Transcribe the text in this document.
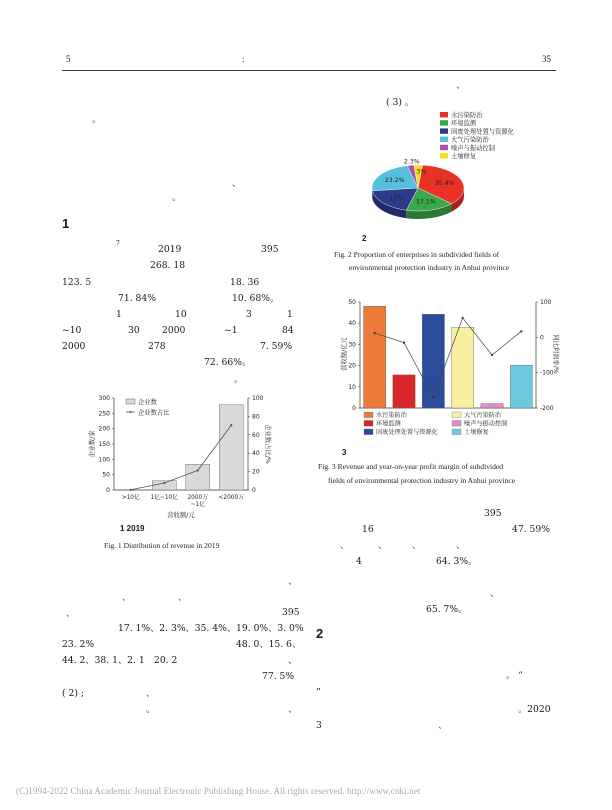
5	:	35
。
、
。
1
7
2019	395
268. 18
123. 5	18. 36
71. 84%	10. 68%。
1	10	3	1
~10	30 2000	~1	84
2000	278	7. 59%
72. 66%。
。
0
50
100
150
200
250
300
0
20
40
60
80
100
>10亿 1亿~10亿 2000万
~1亿
<2000万
企业数
企业数占比
企业数/家	企业数占比/%
营收额/元
1 2019
Fig. 1 Distribution of revenue in 2019
、
、	、
、	395
17. 1%、2. 3%、35. 4%、19. 0%、3. 0%
23. 2%	48. 0、15. 6、
44. 2、38. 1、2. 1 20. 2	、
77. 5%
( 2) ;	、
。	、
、
( 3) 。
水污染防治
环境监测
固废处理处置与资源化
大气污染防治
噪声与振动控制
土壤修复
35.4%
17.1%
19%
23.2%
2.3%
3%
2
Fig. 2 Proportion of enterprises in subdivided fields of
environmental protection industry in Anhui province
0
10
20
30
40
50
-200
-100
0
100
营收额/亿元	同比利润率/%
水污染防治	大气污染防治
环境监测	噪声与振动控制
固废处理处置与资源化	土壤修复
3
Fig. 3 Revenue and year-on-year profit margin of subdivided
fields of environmental protection industry in Anhui province
395
16	47. 59%
、	、	、	、
4	64. 3%。
、
65. 7%。
2
。 “
”
。2020
3	、
(C)1994-2022 China Academic Journal Electronic Publishing House. All rights reserved. http://www.cnki.net
